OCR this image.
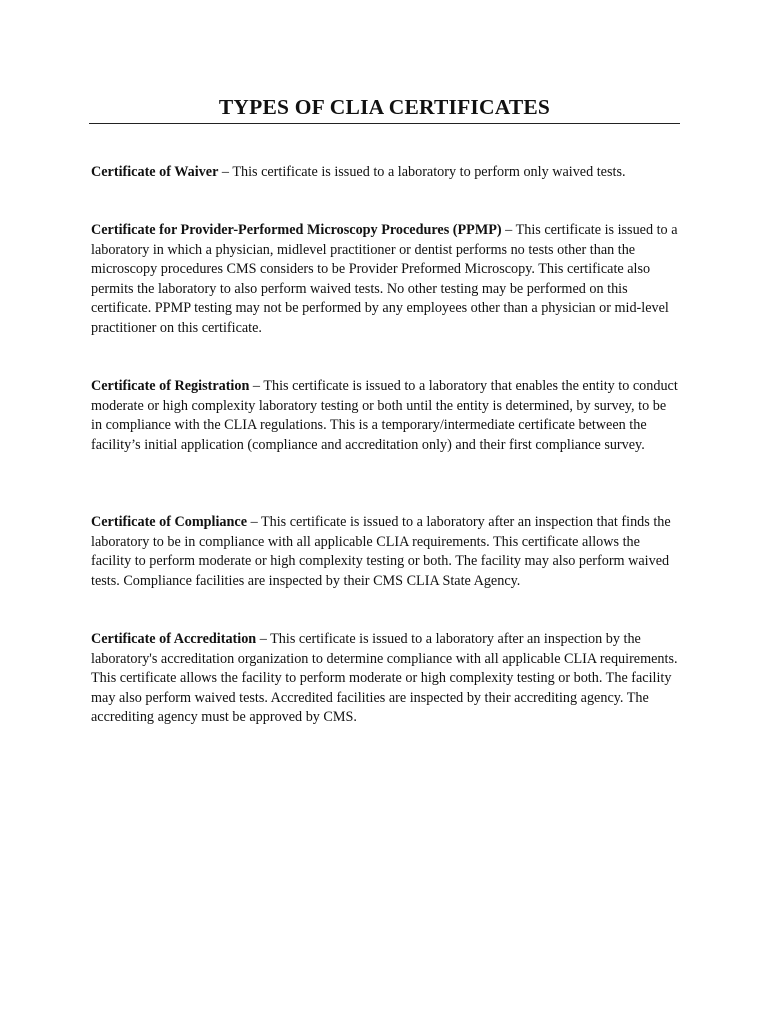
TYPES OF CLIA CERTIFICATES

Certificate of Waiver – This certificate is issued to a laboratory to perform only waived tests.

Certificate for Provider-Performed Microscopy Procedures (PPMP) – This certificate is issued to a laboratory in which a physician, midlevel practitioner or dentist performs no tests other than the microscopy procedures CMS considers to be Provider Preformed Microscopy. This certificate also permits the laboratory to also perform waived tests. No other testing may be performed on this certificate. PPMP testing may not be performed by any employees other than a physician or mid-level practitioner on this certificate.

Certificate of Registration – This certificate is issued to a laboratory that enables the entity to conduct moderate or high complexity laboratory testing or both until the entity is determined, by survey, to be in compliance with the CLIA regulations. This is a temporary/intermediate certificate between the facility’s initial application (compliance and accreditation only) and their first compliance survey.

Certificate of Compliance – This certificate is issued to a laboratory after an inspection that finds the laboratory to be in compliance with all applicable CLIA requirements. This certificate allows the facility to perform moderate or high complexity testing or both. The facility may also perform waived tests. Compliance facilities are inspected by their CMS CLIA State Agency.

Certificate of Accreditation – This certificate is issued to a laboratory after an inspection by the laboratory's accreditation organization to determine compliance with all applicable CLIA requirements. This certificate allows the facility to perform moderate or high complexity testing or both. The facility may also perform waived tests. Accredited facilities are inspected by their accrediting agency. The accrediting agency must be approved by CMS.
